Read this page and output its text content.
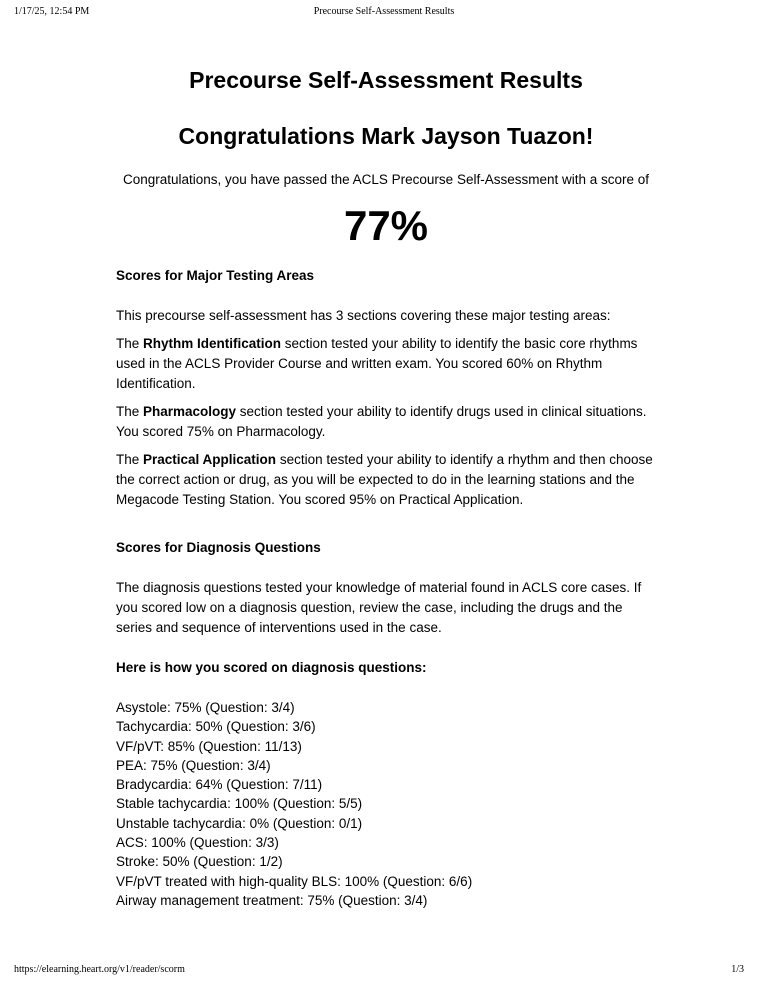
1/17/25, 12:54 PM	Precourse Self-Assessment Results
Precourse Self-Assessment Results
Congratulations Mark Jayson Tuazon!
Congratulations, you have passed the ACLS Precourse Self-Assessment with a score of
77%
Scores for Major Testing Areas

This precourse self-assessment has 3 sections covering these major testing areas:

The Rhythm Identification section tested your ability to identify the basic core rhythms used in the ACLS Provider Course and written exam. You scored 60% on Rhythm Identification.

The Pharmacology section tested your ability to identify drugs used in clinical situations. You scored 75% on Pharmacology.

The Practical Application section tested your ability to identify a rhythm and then choose the correct action or drug, as you will be expected to do in the learning stations and the Megacode Testing Station. You scored 95% on Practical Application.

Scores for Diagnosis Questions

The diagnosis questions tested your knowledge of material found in ACLS core cases. If you scored low on a diagnosis question, review the case, including the drugs and the series and sequence of interventions used in the case.

Here is how you scored on diagnosis questions:
Asystole: 75% (Question: 3/4)
Tachycardia: 50% (Question: 3/6)
VF/pVT: 85% (Question: 11/13)
PEA: 75% (Question: 3/4)
Bradycardia: 64% (Question: 7/11)
Stable tachycardia: 100% (Question: 5/5)
Unstable tachycardia: 0% (Question: 0/1)
ACS: 100% (Question: 3/3)
Stroke: 50% (Question: 1/2)
VF/pVT treated with high-quality BLS: 100% (Question: 6/6)
Airway management treatment: 75% (Question: 3/4)
https://elearning.heart.org/v1/reader/scorm	1/3
